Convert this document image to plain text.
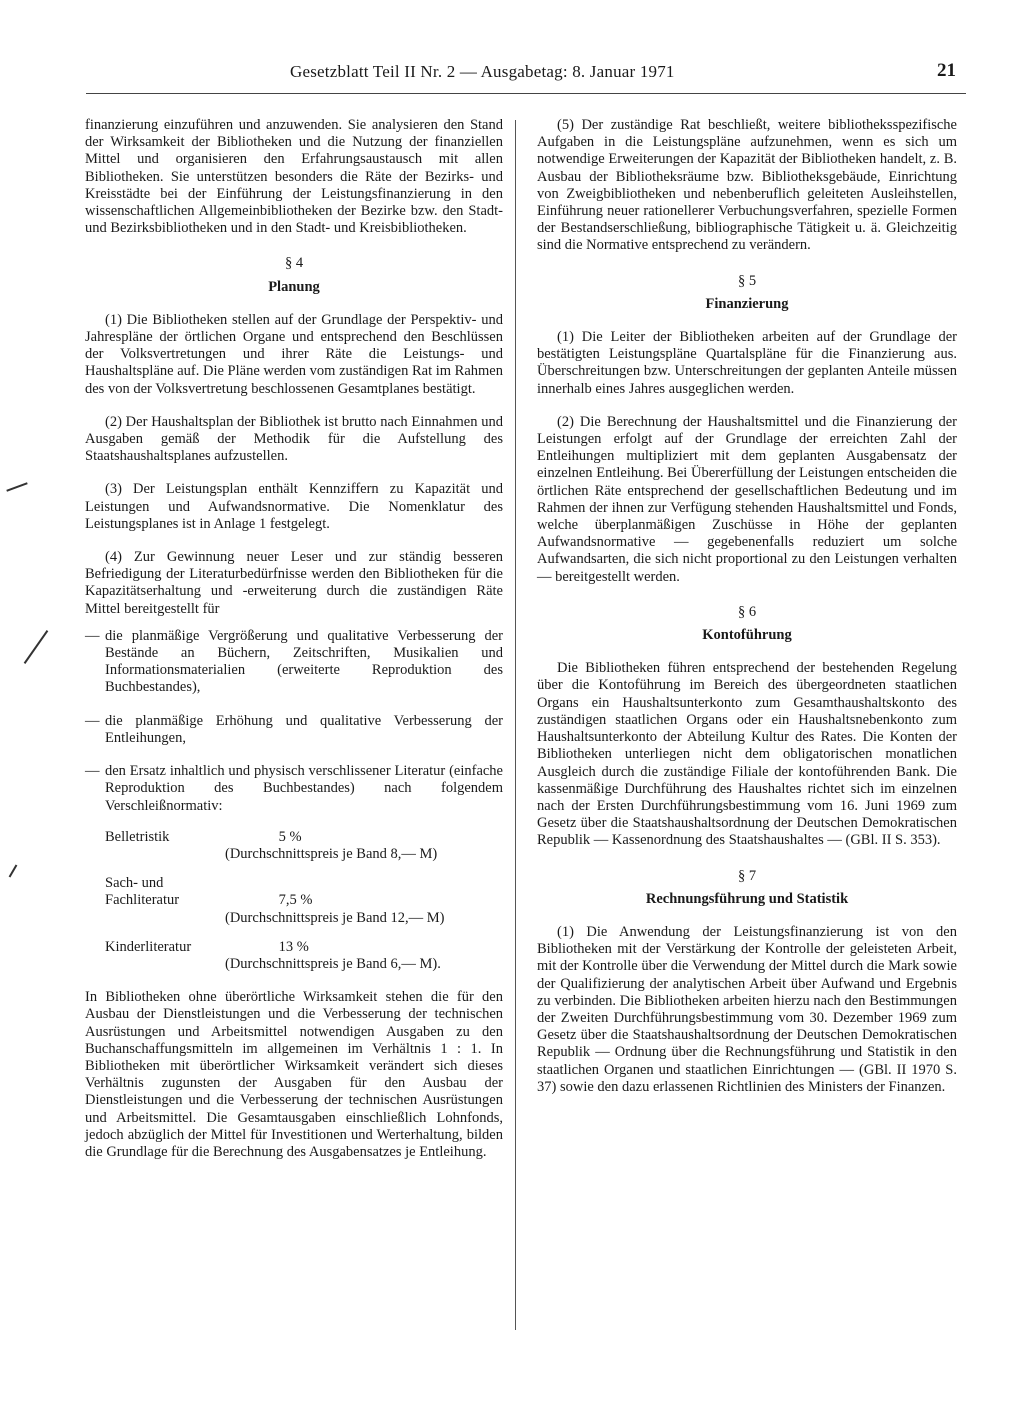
Gesetzblatt Teil II Nr. 2 — Ausgabetag: 8. Januar 1971	21

finanzierung einzuführen und anzuwenden. Sie analysieren den Stand der Wirksamkeit der Bibliotheken und die Nutzung der finanziellen Mittel und organisieren den Erfahrungsaustausch mit allen Bibliotheken. Sie unterstützen besonders die Räte der Bezirks- und Kreisstädte bei der Einführung der Leistungsfinanzierung in den wissenschaftlichen Allgemeinbibliotheken der Bezirke bzw. den Stadt- und Bezirksbibliotheken und in den Stadt- und Kreisbibliotheken.

§ 4
Planung

(1) Die Bibliotheken stellen auf der Grundlage der Perspektiv- und Jahrespläne der örtlichen Organe und entsprechend den Beschlüssen der Volksvertretungen und ihrer Räte die Leistungs- und Haushaltspläne auf. Die Pläne werden vom zuständigen Rat im Rahmen des von der Volksvertretung beschlossenen Gesamtplanes bestätigt.

(2) Der Haushaltsplan der Bibliothek ist brutto nach Einnahmen und Ausgaben gemäß der Methodik für die Aufstellung des Staatshaushaltsplanes aufzustellen.

(3) Der Leistungsplan enthält Kennziffern zu Kapazität und Leistungen und Aufwandsnormative. Die Nomenklatur des Leistungsplanes ist in Anlage 1 festgelegt.

(4) Zur Gewinnung neuer Leser und zur ständig besseren Befriedigung der Literaturbedürfnisse werden den Bibliotheken für die Kapazitätserhaltung und -erweiterung durch die zuständigen Räte Mittel bereitgestellt für

— die planmäßige Vergrößerung und qualitative Verbesserung der Bestände an Büchern, Zeitschriften, Musikalien und Informationsmaterialien (erweiterte Reproduktion des Buchbestandes),
— die planmäßige Erhöhung und qualitative Verbesserung der Entleihungen,
— den Ersatz inhaltlich und physisch verschlissener Literatur (einfache Reproduktion des Buchbestandes) nach folgendem Verschleißnormativ:
Belletristik	5 %
(Durchschnittspreis je Band 8,— M)
Sach- und Fachliteratur	7,5 %
(Durchschnittspreis je Band 12,— M)
Kinderliteratur	13 %
(Durchschnittspreis je Band 6,— M).

In Bibliotheken ohne überörtliche Wirksamkeit stehen die für den Ausbau der Dienstleistungen und die Verbesserung der technischen Ausrüstungen und Arbeitsmittel notwendigen Ausgaben zu den Buchanschaffungsmitteln im allgemeinen im Verhältnis 1 : 1. In Bibliotheken mit überörtlicher Wirksamkeit verändert sich dieses Verhältnis zugunsten der Ausgaben für den Ausbau der Dienstleistungen und die Verbesserung der technischen Ausrüstungen und Arbeitsmittel. Die Gesamtausgaben einschließlich Lohnfonds, jedoch abzüglich der Mittel für Investitionen und Werterhaltung, bilden die Grundlage für die Berechnung des Ausgabensatzes je Entleihung.

(5) Der zuständige Rat beschließt, weitere bibliotheksspezifische Aufgaben in die Leistungspläne aufzunehmen, wenn es sich um notwendige Erweiterungen der Kapazität der Bibliotheken handelt, z. B. Ausbau der Bibliotheksräume bzw. Bibliotheksgebäude, Einrichtung von Zweigbibliotheken und nebenberuflich geleiteten Ausleihstellen, Einführung neuer rationellerer Verbuchungsverfahren, spezielle Formen der Bestandserschließung, bibliographische Tätigkeit u. ä. Gleichzeitig sind die Normative entsprechend zu verändern.

§ 5
Finanzierung

(1) Die Leiter der Bibliotheken arbeiten auf der Grundlage der bestätigten Leistungspläne Quartalspläne für die Finanzierung aus. Überschreitungen bzw. Unterschreitungen der geplanten Anteile müssen innerhalb eines Jahres ausgeglichen werden.

(2) Die Berechnung der Haushaltsmittel und die Finanzierung der Leistungen erfolgt auf der Grundlage der erreichten Zahl der Entleihungen multipliziert mit dem geplanten Ausgabensatz der einzelnen Entleihung. Bei Übererfüllung der Leistungen entscheiden die örtlichen Räte entsprechend der gesellschaftlichen Bedeutung und im Rahmen der ihnen zur Verfügung stehenden Haushaltsmittel und Fonds, welche überplanmäßigen Zuschüsse in Höhe der geplanten Aufwandsnormative — gegebenenfalls reduziert um solche Aufwandsarten, die sich nicht proportional zu den Leistungen verhalten — bereitgestellt werden.

§ 6
Kontoführung

Die Bibliotheken führen entsprechend der bestehenden Regelung über die Kontoführung im Bereich des übergeordneten staatlichen Organs ein Haushaltsunterkonto zum Gesamthaushaltskonto des zuständigen staatlichen Organs oder ein Haushaltsnebenkonto zum Haushaltsunterkonto der Abteilung Kultur des Rates. Die Konten der Bibliotheken unterliegen nicht dem obligatorischen monatlichen Ausgleich durch die zuständige Filiale der kontoführenden Bank. Die kassenmäßige Durchführung des Haushaltes richtet sich im einzelnen nach der Ersten Durchführungsbestimmung vom 16. Juni 1969 zum Gesetz über die Staatshaushaltsordnung der Deutschen Demokratischen Republik — Kassenordnung des Staatshaushaltes — (GBl. II S. 353).

§ 7
Rechnungsführung und Statistik

(1) Die Anwendung der Leistungsfinanzierung ist von den Bibliotheken mit der Verstärkung der Kontrolle der geleisteten Arbeit, mit der Kontrolle über die Verwendung der Mittel durch die Mark sowie der Qualifizierung der analytischen Arbeit über Aufwand und Ergebnis zu verbinden. Die Bibliotheken arbeiten hierzu nach den Bestimmungen der Zweiten Durchführungsbestimmung vom 30. Dezember 1969 zum Gesetz über die Staatshaushaltsordnung der Deutschen Demokratischen Republik — Ordnung über die Rechnungsführung und Statistik in den staatlichen Organen und staatlichen Einrichtungen — (GBl. II 1970 S. 37) sowie den dazu erlassenen Richtlinien des Ministers der Finanzen.
